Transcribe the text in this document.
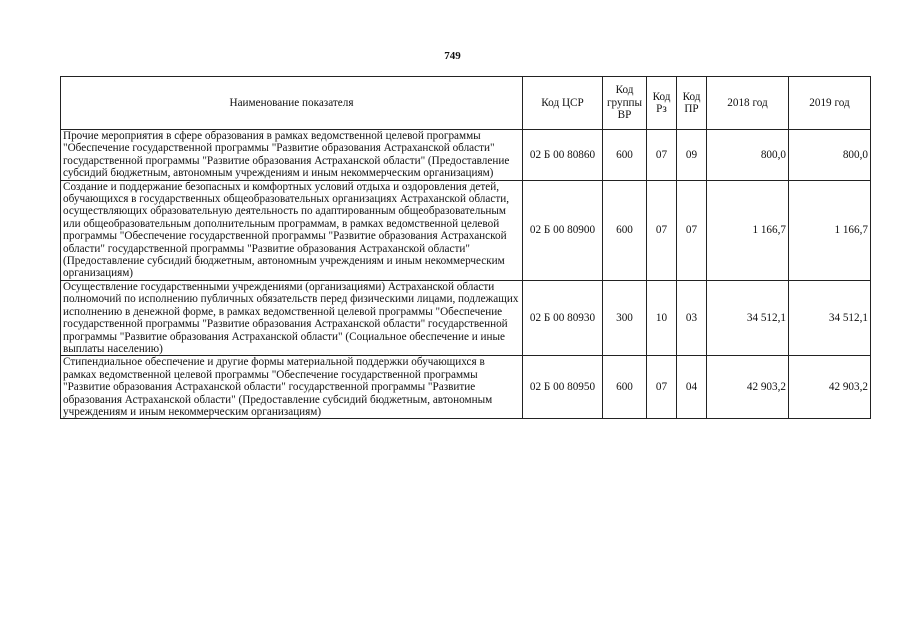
749
Наименование показателя	Код ЦСР	Код группы ВР	Код Рз	Код ПР	2018 год	2019 год
Прочие мероприятия в сфере образования в рамках ведомственной целевой программы "Обеспечение государственной программы "Развитие образования Астраханской области" государственной программы "Развитие образования Астраханской области" (Предоставление субсидий бюджетным, автономным учреждениям и иным некоммерческим организациям)	02 Б 00 80860	600	07	09	800,0	800,0
Создание и поддержание безопасных и комфортных условий отдыха и оздоровления детей, обучающихся в государственных общеобразовательных организациях Астраханской области, осуществляющих образовательную деятельность по адаптированным общеобразовательным или общеобразовательным дополнительным программам, в рамках ведомственной целевой программы "Обеспечение государственной программы "Развитие образования Астраханской области" государственной программы "Развитие образования Астраханской области" (Предоставление субсидий бюджетным, автономным учреждениям и иным некоммерческим организациям)	02 Б 00 80900	600	07	07	1 166,7	1 166,7
Осуществление государственными учреждениями (организациями) Астраханской области полномочий по исполнению публичных обязательств перед физическими лицами, подлежащих исполнению в денежной форме, в рамках ведомственной целевой программы "Обеспечение государственной программы "Развитие образования Астраханской области" государственной программы "Развитие образования Астраханской области" (Социальное обеспечение и иные выплаты населению)	02 Б 00 80930	300	10	03	34 512,1	34 512,1
Стипендиальное обеспечение и другие формы материальной поддержки обучающихся в рамках ведомственной целевой программы "Обеспечение государственной программы "Развитие образования Астраханской области" государственной программы "Развитие образования Астраханской области" (Предоставление субсидий бюджетным, автономным учреждениям и иным некоммерческим организациям)	02 Б 00 80950	600	07	04	42 903,2	42 903,2
